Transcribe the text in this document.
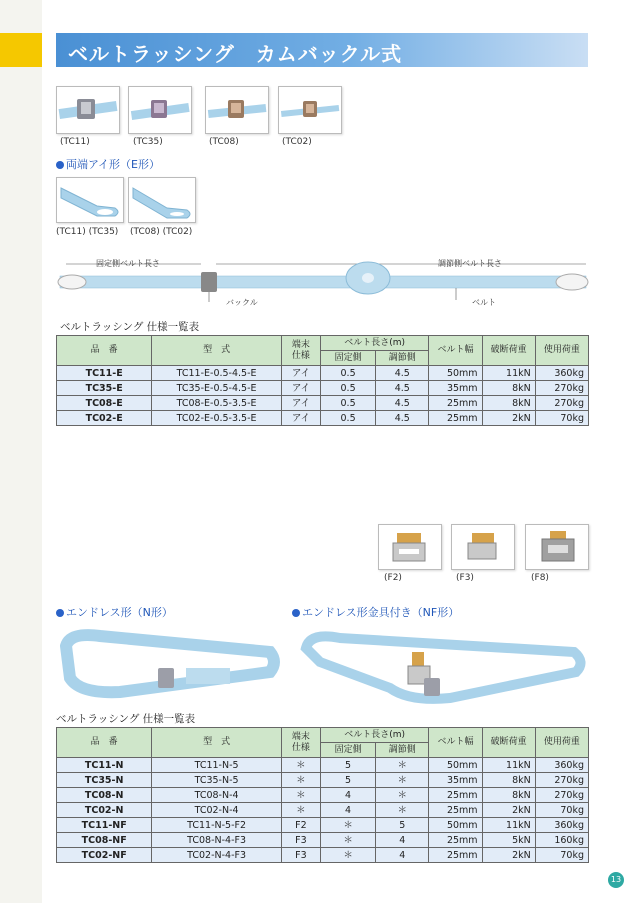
ベルトラッシング　カムバックル式
(TC11)	(TC35)	(TC08)	(TC02)
両端アイ形（E形）
(TC11) (TC35) (TC08) (TC02)
固定側ベルト長さ	調節側ベルト長さ
バックル	ベルト
ベルトラッシング 仕様一覧表
品　番	型　式	端末
仕様	ベルト長さ(m)		ベルト幅	破断荷重	使用荷重
			固定側	調節側			
TC11-E	TC11-E-0.5-4.5-E	アイ	0.5	4.5	50mm	11kN	360kg
TC35-E	TC35-E-0.5-4.5-E	アイ	0.5	4.5	35mm	8kN	270kg
TC08-E	TC08-E-0.5-3.5-E	アイ	0.5	4.5	25mm	8kN	270kg
TC02-E	TC02-E-0.5-3.5-E	アイ	0.5	4.5	25mm	2kN	70kg
(F2)	(F3)	(F8)
エンドレス形（N形）	エンドレス形金具付き（NF形）
ベルトラッシング 仕様一覧表
品　番	型　式	端末
仕様	ベルト長さ(m)		ベルト幅	破断荷重	使用荷重
			固定側	調節側			
TC11-N	TC11-N-5	＊	5	＊	50mm	11kN	360kg
TC35-N	TC35-N-5	＊	5	＊	35mm	8kN	270kg
TC08-N	TC08-N-4	＊	4	＊	25mm	8kN	270kg
TC02-N	TC02-N-4	＊	4	＊	25mm	2kN	70kg
TC11-NF	TC11-N-5-F2	F2	＊	5	50mm	11kN	360kg
TC08-NF	TC08-N-4-F3	F3	＊	4	25mm	5kN	160kg
TC02-NF	TC02-N-4-F3	F3	＊	4	25mm	2kN	70kg
13
